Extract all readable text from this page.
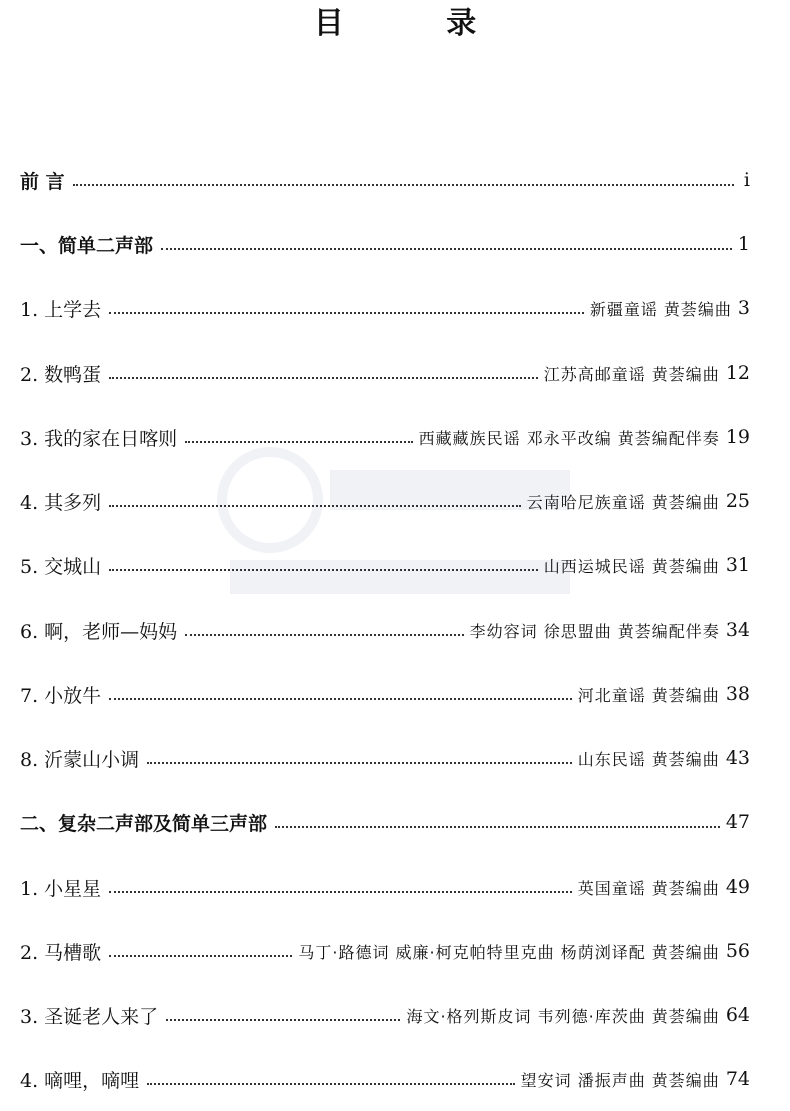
目 录
前 言	i
一、简单二声部	1
1. 上学去	新疆童谣 黄荟编曲 3
2. 数鸭蛋	江苏高邮童谣 黄荟编曲 12
3. 我的家在日喀则	西藏藏族民谣 邓永平改编 黄荟编配伴奏 19
4. 其多列	云南哈尼族童谣 黄荟编曲 25
5. 交城山	山西运城民谣 黄荟编曲 31
6. 啊，老师—妈妈	李幼容词 徐思盟曲 黄荟编配伴奏 34
7. 小放牛	河北童谣 黄荟编曲 38
8. 沂蒙山小调	山东民谣 黄荟编曲 43
二、复杂二声部及简单三声部	47
1. 小星星	英国童谣 黄荟编曲 49
2. 马槽歌	马丁·路德词 威廉·柯克帕特里克曲 杨荫浏译配 黄荟编曲 56
3. 圣诞老人来了	海文·格列斯皮词 韦列德·库茨曲 黄荟编曲 64
4. 嘀哩，嘀哩	望安词 潘振声曲 黄荟编曲 74
